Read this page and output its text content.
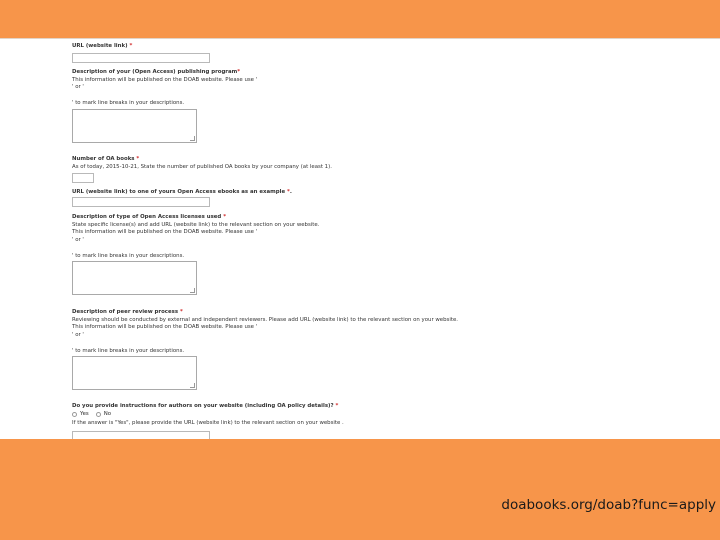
URL (website link) *
Description of your (Open Access) publishing program*
This information will be published on the DOAB website. Please use '
' or '
' to mark line breaks in your descriptions.
Number of OA books *
As of today, 2015-10-21, State the number of published OA books by your company (at least 1).
URL (website link) to one of yours Open Access ebooks as an example *.
Description of type of Open Access licenses used *
State specific license(s) and add URL (website link) to the relevant section on your website.
This information will be published on the DOAB website. Please use '
' or '
' to mark line breaks in your descriptions.
Description of peer review process *
Reviewing should be conducted by external and independent reviewers. Please add URL (website link) to the relevant section on your website.
This information will be published on the DOAB website. Please use '
' or '
' to mark line breaks in your descriptions.
Do you provide instructions for authors on your website (including OA policy details)? *
Yes	No
If the answer is "Yes", please provide the URL (website link) to the relevant section on your website .
doabooks.org/doab?func=apply
